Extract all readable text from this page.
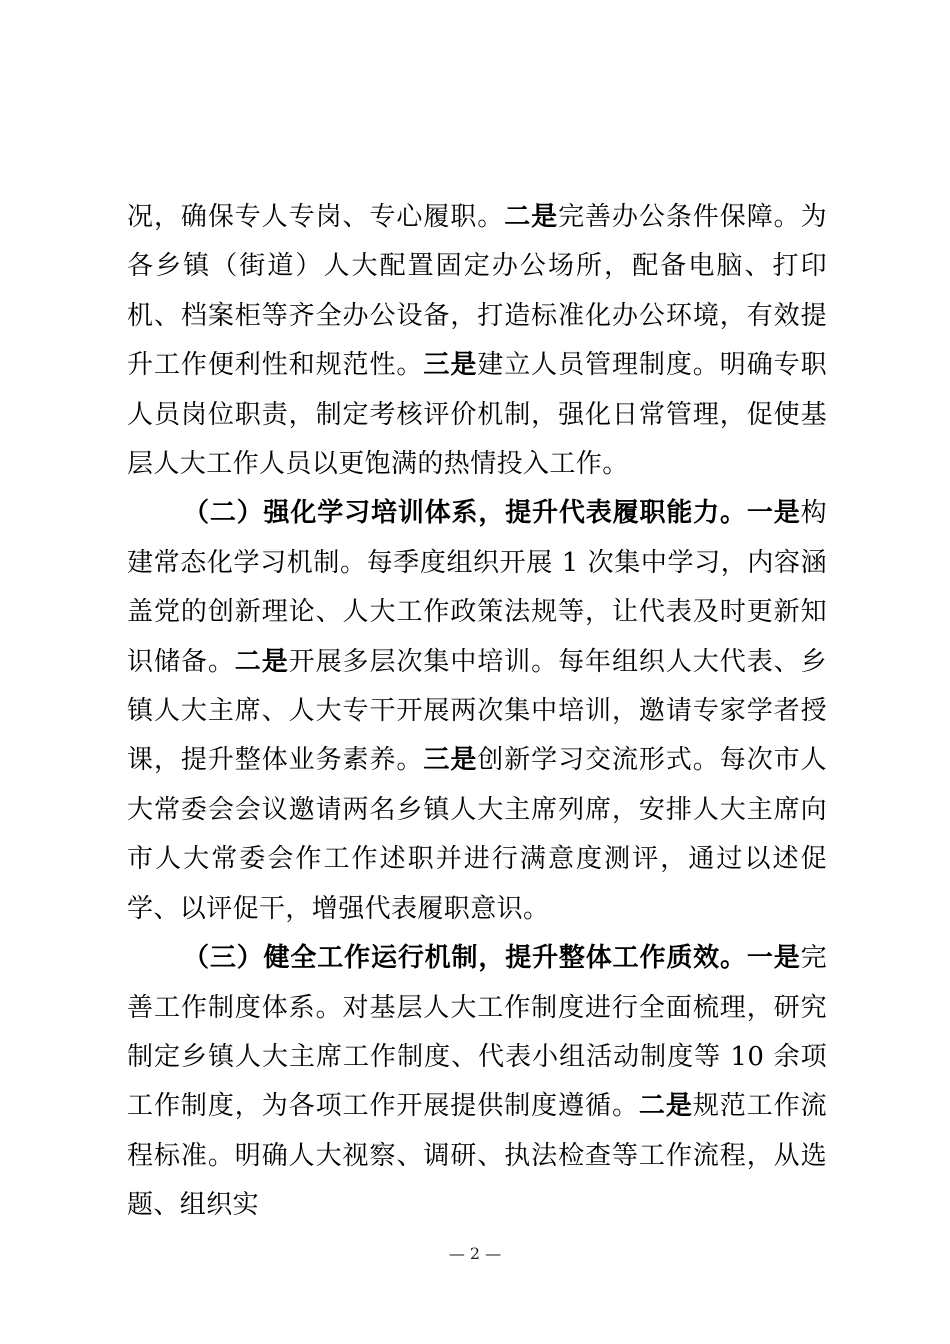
况，确保专人专岗、专心履职。二是完善办公条件保障。为各乡镇（街道）人大配置固定办公场所，配备电脑、打印机、档案柜等齐全办公设备，打造标准化办公环境，有效提升工作便利性和规范性。三是建立人员管理制度。明确专职人员岗位职责，制定考核评价机制，强化日常管理，促使基层人大工作人员以更饱满的热情投入工作。

（二）强化学习培训体系，提升代表履职能力。一是构建常态化学习机制。每季度组织开展 1 次集中学习，内容涵盖党的创新理论、人大工作政策法规等，让代表及时更新知识储备。二是开展多层次集中培训。每年组织人大代表、乡镇人大主席、人大专干开展两次集中培训，邀请专家学者授课，提升整体业务素养。三是创新学习交流形式。每次市人大常委会会议邀请两名乡镇人大主席列席，安排人大主席向市人大常委会作工作述职并进行满意度测评，通过以述促学、以评促干，增强代表履职意识。

（三）健全工作运行机制，提升整体工作质效。一是完善工作制度体系。对基层人大工作制度进行全面梳理，研究制定乡镇人大主席工作制度、代表小组活动制度等 10 余项工作制度，为各项工作开展提供制度遵循。二是规范工作流程标准。明确人大视察、调研、执法检查等工作流程，从选题、组织实

— 2 —
